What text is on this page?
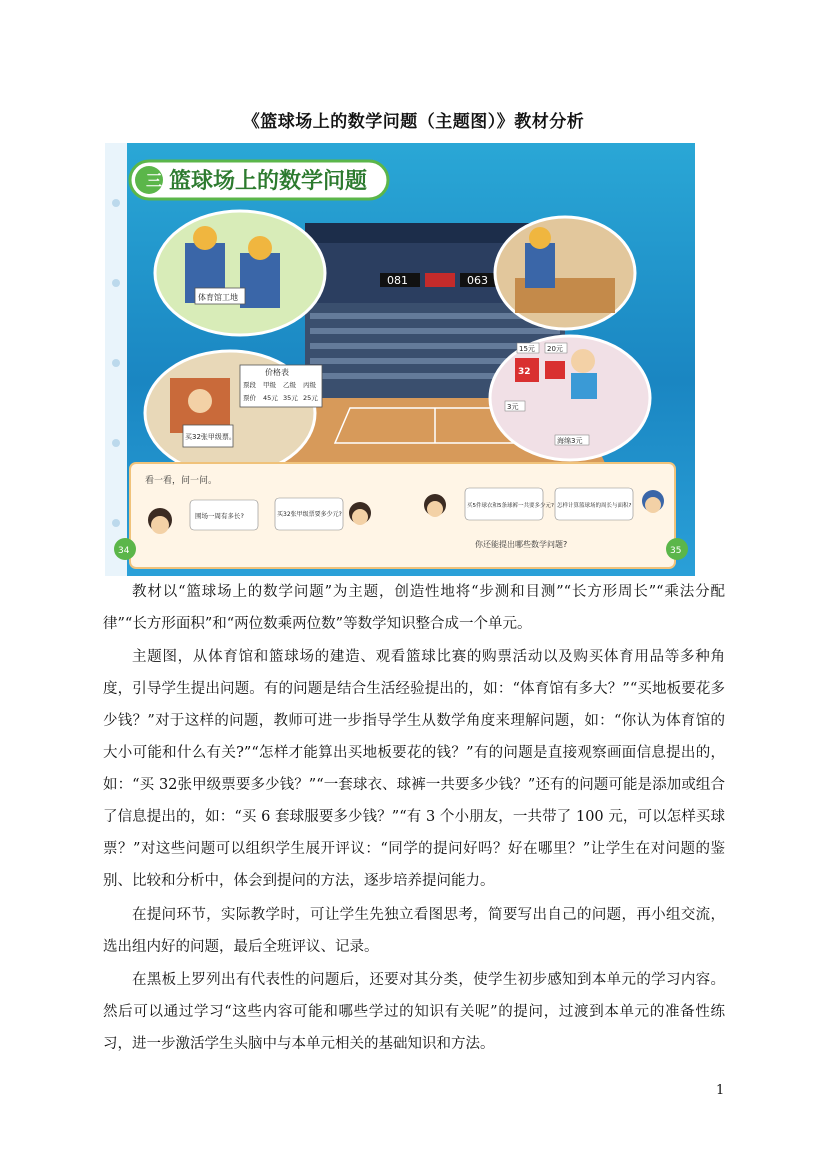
《篮球场上的数学问题（主题图）》教材分析
三 篮球场上的数学问题
081	063
体育馆工地
价格表
票段 甲级 乙级 丙级
票价 45元 35元 25元
买32张甲级票。
15元 20元
32
3元
海绵3元
看一看，问一问。
围场一周有多长?	买32张甲级票要多少元?
买5件球衣和5条球裤一共要多少元? 怎样计算篮球场的周长与面积?
你还能提出哪些数学问题?
34	35

教材以“篮球场上的数学问题”为主题，创造性地将“步测和目测”“长方形周长”“乘法分配律”“长方形面积”和“两位数乘两位数”等数学知识整合成一个单元。

主题图，从体育馆和篮球场的建造、观看篮球比赛的购票活动以及购买体育用品等多种角度，引导学生提出问题。有的问题是结合生活经验提出的，如：“体育馆有多大？”“买地板要花多少钱？”对于这样的问题，教师可进一步指导学生从数学角度来理解问题，如：“你认为体育馆的大小可能和什么有关?”“怎样才能算出买地板要花的钱？”有的问题是直接观察画面信息提出的，如：“买 32张甲级票要多少钱？”“一套球衣、球裤一共要多少钱？”还有的问题可能是添加或组合了信息提出的，如：“买 6 套球服要多少钱？”“有 3 个小朋友，一共带了 100 元，可以怎样买球票？”对这些问题可以组织学生展开评议：“同学的提问好吗？好在哪里？”让学生在对问题的鉴别、比较和分析中，体会到提问的方法，逐步培养提问能力。

在提问环节，实际教学时，可让学生先独立看图思考，简要写出自己的问题，再小组交流，选出组内好的问题，最后全班评议、记录。

在黑板上罗列出有代表性的问题后，还要对其分类，使学生初步感知到本单元的学习内容。然后可以通过学习“这些内容可能和哪些学过的知识有关呢”的提问，过渡到本单元的准备性练习，进一步激活学生头脑中与本单元相关的基础知识和方法。

1
